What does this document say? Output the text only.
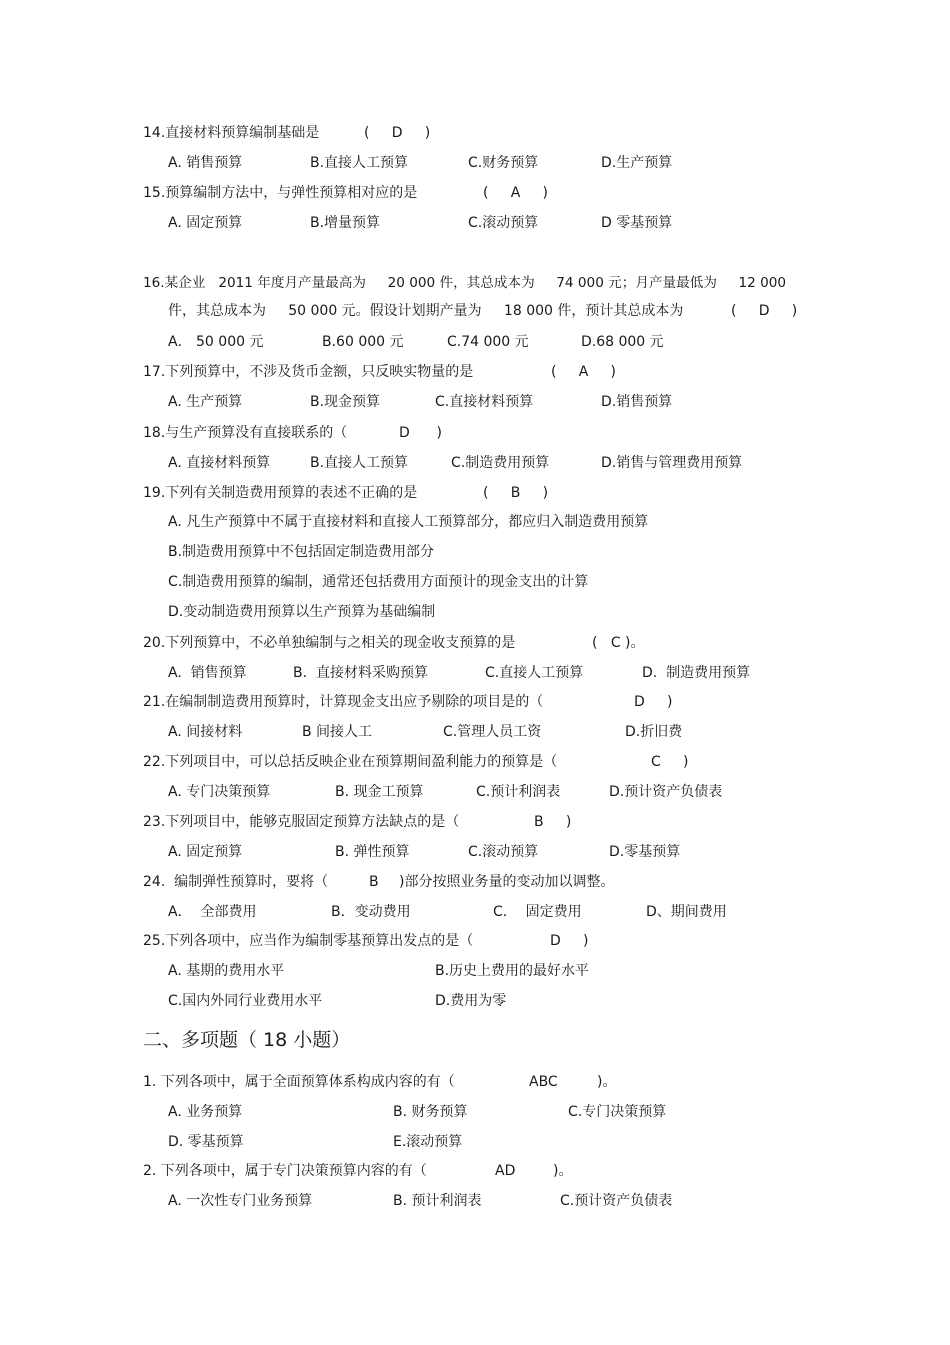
14.直接材料预算编制基础是	(     D     )
A. 销售预算	B.直接人工预算	C.财务预算	D.生产预算
15.预算编制方法中，与弹性预算相对应的是	(     A     )
A. 固定预算	B.增量预算	C.滚动预算	D 零基预算
16.某企业   2011 年度月产量最高为     20 000 件，其总成本为     74 000 元；月产量最低为     12 000
件，其总成本为     50 000 元。假设计划期产量为     18 000 件，预计其总成本为	(     D     )
A． 50 000 元	B.60 000 元	C.74 000 元	D.68 000 元
17.下列预算中，不涉及货币金额，只反映实物量的是	(     A     )
A. 生产预算	B.现金预算	C.直接材料预算	D.销售预算
18.与生产预算没有直接联系的（	D      )
A. 直接材料预算	B.直接人工预算	C.制造费用预算	D.销售与管理费用预算
19.下列有关制造费用预算的表述不正确的是	(     B     )
A. 凡生产预算中不属于直接材料和直接人工预算部分，都应归入制造费用预算
B.制造费用预算中不包括固定制造费用部分
C.制造费用预算的编制，通常还包括费用方面预计的现金支出的计算
D.变动制造费用预算以生产预算为基础编制
20.下列预算中，不必单独编制与之相关的现金收支预算的是	(   C )。
A.  销售预算	B.  直接材料采购预算	C.直接人工预算	D.  制造费用预算
21.在编制制造费用预算时，计算现金支出应予剔除的项目是的（	D     )
A. 间接材料	B 间接人工	C.管理人员工资	D.折旧费
22.下列项目中，可以总括反映企业在预算期间盈利能力的预算是（	C     )
A. 专门决策预算	B. 现金工预算	C.预计利润表	D.预计资产负债表
23.下列项目中，能够克服固定预算方法缺点的是（	B     )
A. 固定预算	B. 弹性预算	C.滚动预算	D.零基预算
24.  编制弹性预算时，要将（	B )部分按照业务量的变动加以调整。
A．  全部费用	B．变动费用	C．  固定费用	D、期间费用
25.下列各项中，应当作为编制零基预算出发点的是（	D     )
A. 基期的费用水平	B.历史上费用的最好水平
C.国内外同行业费用水平	D.费用为零
二、多项题（ 18 小题）
1. 下列各项中，属于全面预算体系构成内容的有（	ABC	)。
A. 业务预算	B. 财务预算	C.专门决策预算
D. 零基预算	E.滚动预算
2. 下列各项中，属于专门决策预算内容的有（	AD	)。
A. 一次性专门业务预算	B. 预计利润表	C.预计资产负债表
